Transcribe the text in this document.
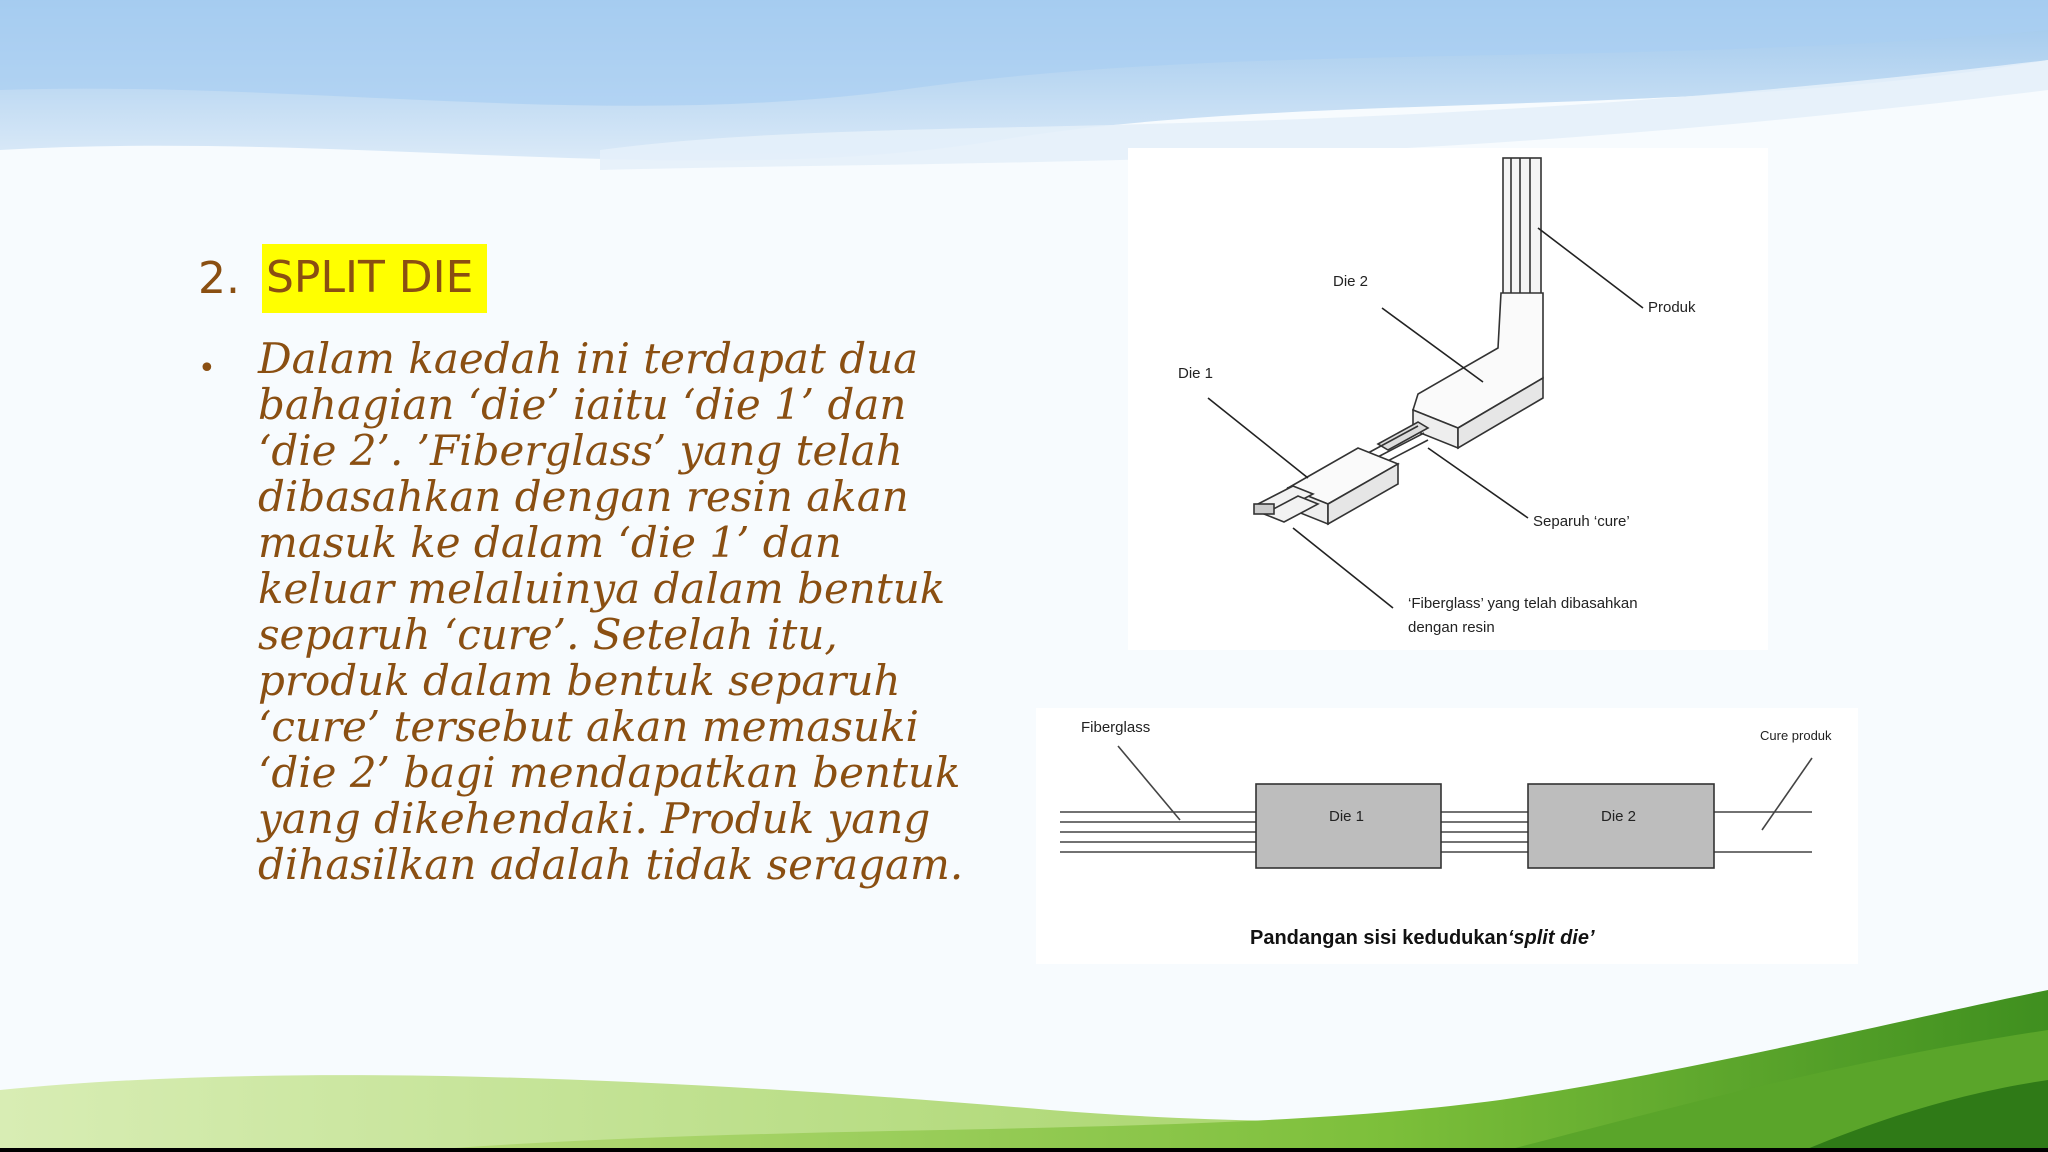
2. SPLIT DIE
• Dalam kaedah ini terdapat dua
bahagian ‘die’ iaitu ‘die 1’ dan
‘die 2’. ’Fiberglass’ yang telah
dibasahkan dengan resin akan
masuk ke dalam ‘die 1’ dan
keluar melaluinya dalam bentuk
separuh ‘cure’. Setelah itu,
produk dalam bentuk separuh
‘cure’ tersebut akan memasuki
‘die 2’ bagi mendapatkan bentuk
yang dikehendaki. Produk yang
dihasilkan adalah tidak seragam.
Die 2
Die 1
Produk
Separuh ‘cure’
‘Fiberglass’ yang telah dibasahkan
dengan resin
Fiberglass	Cure produk
Die 1	Die 2
Pandangan sisi kedudukan‘split die’
